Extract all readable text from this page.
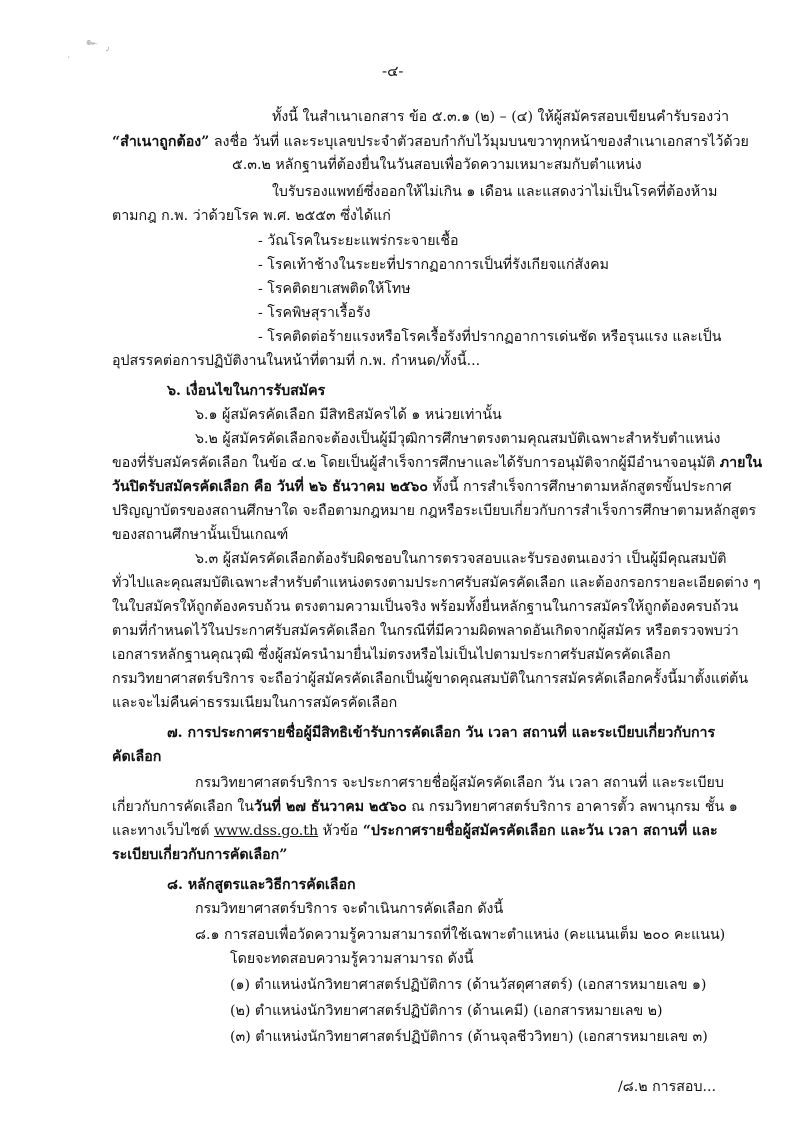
๛
۰
٫
-๔-
ทั้งนี้ ในสำเนาเอกสาร ข้อ ๕.๓.๑ (๒) – (๔) ให้ผู้สมัครสอบเขียนคำรับรองว่า
“สำเนาถูกต้อง” ลงชื่อ วันที่ และระบุเลขประจำตัวสอบกำกับไว้มุมบนขวาทุกหน้าของสำเนาเอกสารไว้ด้วย
๕.๓.๒ หลักฐานที่ต้องยื่นในวันสอบเพื่อวัดความเหมาะสมกับตำแหน่ง
ใบรับรองแพทย์ซึ่งออกให้ไม่เกิน ๑ เดือน และแสดงว่าไม่เป็นโรคที่ต้องห้าม
ตามกฎ ก.พ. ว่าด้วยโรค พ.ศ. ๒๕๕๓ ซึ่งได้แก่
- วัณโรคในระยะแพร่กระจายเชื้อ
- โรคเท้าช้างในระยะที่ปรากฏอาการเป็นที่รังเกียจแก่สังคม
- โรคติดยาเสพติดให้โทษ
- โรคพิษสุราเรื้อรัง
- โรคติดต่อร้ายแรงหรือโรคเรื้อรังที่ปรากฏอาการเด่นชัด หรือรุนแรง และเป็น
อุปสรรคต่อการปฏิบัติงานในหน้าที่ตามที่ ก.พ. กำหนด/ทั้งนี้...
๖. เงื่อนไขในการรับสมัคร
๖.๑ ผู้สมัครคัดเลือก มีสิทธิสมัครได้ ๑ หน่วยเท่านั้น
๖.๒ ผู้สมัครคัดเลือกจะต้องเป็นผู้มีวุฒิการศึกษาตรงตามคุณสมบัติเฉพาะสำหรับตำแหน่ง
ของที่รับสมัครคัดเลือก ในข้อ ๔.๒ โดยเป็นผู้สำเร็จการศึกษาและได้รับการอนุมัติจากผู้มีอำนาจอนุมัติ ภายใน
วันปิดรับสมัครคัดเลือก คือ วันที่ ๒๖ ธันวาคม ๒๕๖๐ ทั้งนี้ การสำเร็จการศึกษาตามหลักสูตรขั้นประกาศ
ปริญญาบัตรของสถานศึกษาใด จะถือตามกฎหมาย กฎหรือระเบียบเกี่ยวกับการสำเร็จการศึกษาตามหลักสูตร
ของสถานศึกษานั้นเป็นเกณฑ์
๖.๓ ผู้สมัครคัดเลือกต้องรับผิดชอบในการตรวจสอบและรับรองตนเองว่า เป็นผู้มีคุณสมบัติ
ทั่วไปและคุณสมบัติเฉพาะสำหรับตำแหน่งตรงตามประกาศรับสมัครคัดเลือก และต้องกรอกรายละเอียดต่าง ๆ
ในใบสมัครให้ถูกต้องครบถ้วน ตรงตามความเป็นจริง พร้อมทั้งยื่นหลักฐานในการสมัครให้ถูกต้องครบถ้วน
ตามที่กำหนดไว้ในประกาศรับสมัครคัดเลือก ในกรณีที่มีความผิดพลาดอันเกิดจากผู้สมัคร หรือตรวจพบว่า
เอกสารหลักฐานคุณวุฒิ ซึ่งผู้สมัครนำมายื่นไม่ตรงหรือไม่เป็นไปตามประกาศรับสมัครคัดเลือก
กรมวิทยาศาสตร์บริการ จะถือว่าผู้สมัครคัดเลือกเป็นผู้ขาดคุณสมบัติในการสมัครคัดเลือกครั้งนี้มาตั้งแต่ต้น
และจะไม่คืนค่าธรรมเนียมในการสมัครคัดเลือก
๗. การประกาศรายชื่อผู้มีสิทธิเข้ารับการคัดเลือก วัน เวลา สถานที่ และระเบียบเกี่ยวกับการ
คัดเลือก
กรมวิทยาศาสตร์บริการ จะประกาศรายชื่อผู้สมัครคัดเลือก วัน เวลา สถานที่ และระเบียบ
เกี่ยวกับการคัดเลือก ในวันที่ ๒๗ ธันวาคม ๒๕๖๐ ณ กรมวิทยาศาสตร์บริการ อาคารตั้ว ลพานุกรม ชั้น ๑
และทางเว็บไซต์ www.dss.go.th หัวข้อ “ประกาศรายชื่อผู้สมัครคัดเลือก และวัน เวลา สถานที่ และ
ระเบียบเกี่ยวกับการคัดเลือก”
๘. หลักสูตรและวิธีการคัดเลือก
กรมวิทยาศาสตร์บริการ จะดำเนินการคัดเลือก ดังนี้
๘.๑ การสอบเพื่อวัดความรู้ความสามารถที่ใช้เฉพาะตำแหน่ง (คะแนนเต็ม ๒๐๐ คะแนน)
โดยจะทดสอบความรู้ความสามารถ ดังนี้
(๑) ตำแหน่งนักวิทยาศาสตร์ปฏิบัติการ (ด้านวัสดุศาสตร์) (เอกสารหมายเลข ๑)
(๒) ตำแหน่งนักวิทยาศาสตร์ปฏิบัติการ (ด้านเคมี) (เอกสารหมายเลข ๒)
(๓) ตำแหน่งนักวิทยาศาสตร์ปฏิบัติการ (ด้านจุลชีววิทยา) (เอกสารหมายเลข ๓)
/๘.๒ การสอบ...
